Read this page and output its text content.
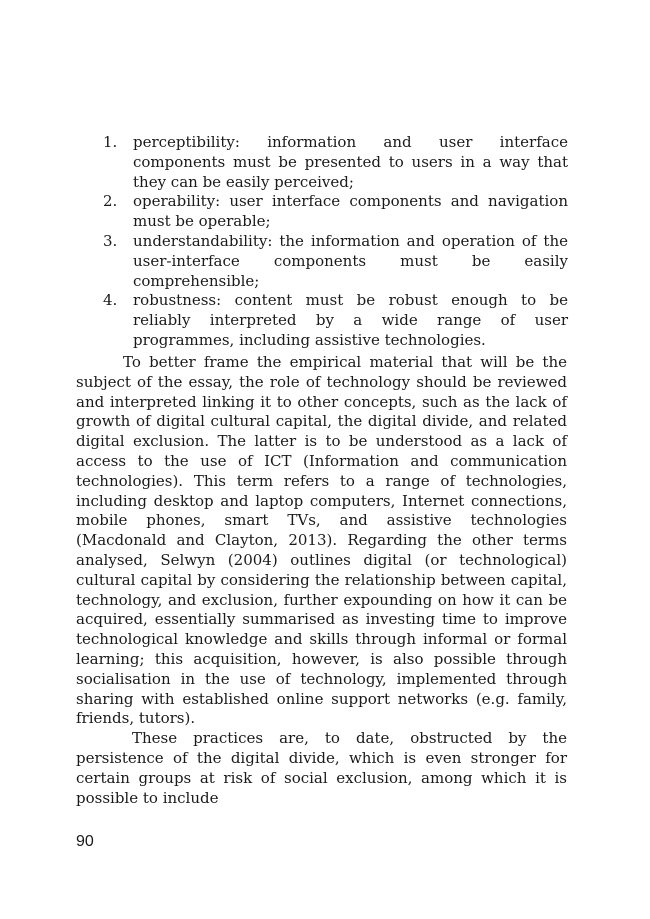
1. perceptibility: information and user interface components must be presented to users in a way that they can be easily perceived;
2. operability: user interface components and navigation must be operable;
3. understandability: the information and operation of the user-interface components must be easily comprehensible;
4. robustness: content must be robust enough to be reliably interpreted by a wide range of user programmes, including assistive technologies.

To better frame the empirical material that will be the subject of the essay, the role of technology should be reviewed and interpreted linking it to other concepts, such as the lack of growth of digital cultural capital, the digital divide, and related digital exclusion. The latter is to be understood as a lack of access to the use of ICT (Information and communication technologies). This term refers to a range of technologies, including desktop and laptop computers, Internet connections, mobile phones, smart TVs, and assistive technologies (Macdonald and Clayton, 2013). Regarding the other terms analysed, Selwyn (2004) outlines digital (or technological) cultural capital by considering the relationship between capital, technology, and exclusion, further expounding on how it can be acquired, essentially summarised as investing time to improve technological knowledge and skills through informal or formal learning; this acquisition, however, is also possible through socialisation in the use of technology, implemented through sharing with established online support networks (e.g. family, friends, tutors).

These practices are, to date, obstructed by the persistence of the digital divide, which is even stronger for certain groups at risk of social exclusion, among which it is possible to include

90
